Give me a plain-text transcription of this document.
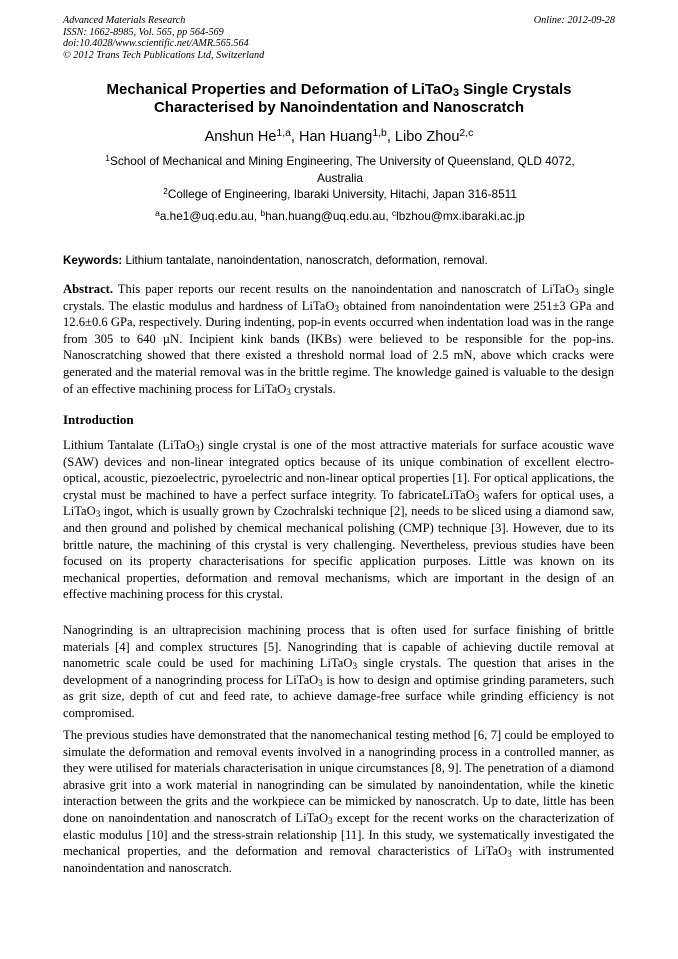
Advanced Materials Research
ISSN: 1662-8985, Vol. 565, pp 564-569
doi:10.4028/www.scientific.net/AMR.565.564
© 2012 Trans Tech Publications Ltd, Switzerland
Online: 2012-09-28
Mechanical Properties and Deformation of LiTaO$_3$ Single Crystals
Characterised by Nanoindentation and Nanoscratch
Anshun He$^{1,a}$, Han Huang$^{1,b}$, Libo Zhou$^{2,c}$
$^1$School of Mechanical and Mining Engineering, The University of Queensland, QLD 4072,
Australia
$^2$College of Engineering, Ibaraki University, Hitachi, Japan 316-8511
$^a$a.he1@uq.edu.au, $^b$han.huang@uq.edu.au, $^c$lbzhou@mx.ibaraki.ac.jp
Keywords: Lithium tantalate, nanoindentation, nanoscratch, deformation, removal.
Abstract. This paper reports our recent results on the nanoindentation and nanoscratch of LiTaO$_3$ single crystals. The elastic modulus and hardness of LiTaO$_3$ obtained from nanoindentation were 251±3 GPa and 12.6±0.6 GPa, respectively. During indenting, pop-in events occurred when indentation load was in the range from 305 to 640 µN. Incipient kink bands (IKBs) were believed to be responsible for the pop-ins. Nanoscratching showed that there existed a threshold normal load of 2.5 mN, above which cracks were generated and the material removal was in the brittle regime. The knowledge gained is valuable to the design of an effective machining process for LiTaO$_3$ crystals.
Introduction
Lithium Tantalate (LiTaO$_3$) single crystal is one of the most attractive materials for surface acoustic wave (SAW) devices and non-linear integrated optics because of its unique combination of excellent electro-optical, acoustic, piezoelectric, pyroelectric and non-linear optical properties [1]. For optical applications, the crystal must be machined to have a perfect surface integrity. To fabricateLiTaO$_3$ wafers for optical uses, a LiTaO$_3$ ingot, which is usually grown by Czochralski technique [2], needs to be sliced using a diamond saw, and then ground and polished by chemical mechanical polishing (CMP) technique [3]. However, due to its brittle nature, the machining of this crystal is very challenging. Nevertheless, previous studies have been focused on its property characterisations for specific application purposes. Little was known on its mechanical properties, deformation and removal mechanisms, which are important in the design of an effective machining process for this crystal.
Nanogrinding is an ultraprecision machining process that is often used for surface finishing of brittle materials [4] and complex structures [5]. Nanogrinding that is capable of achieving ductile removal at nanometric scale could be used for machining LiTaO$_3$ single crystals. The question that arises in the development of a nanogrinding process for LiTaO$_3$ is how to design and optimise grinding parameters, such as grit size, depth of cut and feed rate, to achieve damage-free surface while grinding efficiency is not compromised.
The previous studies have demonstrated that the nanomechanical testing method [6, 7] could be employed to simulate the deformation and removal events involved in a nanogrinding process in a controlled manner, as they were utilised for materials characterisation in unique circumstances [8, 9]. The penetration of a diamond abrasive grit into a work material in nanogrinding can be simulated by nanoindentation, while the kinetic interaction between the grits and the workpiece can be mimicked by nanoscratch. Up to date, little has been done on nanoindentation and nanoscratch of LiTaO$_3$ except for the recent works on the characterization of elastic modulus [10] and the stress-strain relationship [11]. In this study, we systematically investigated the mechanical properties, and the deformation and removal characteristics of LiTaO$_3$ with instrumented nanoindentation and nanoscratch.
